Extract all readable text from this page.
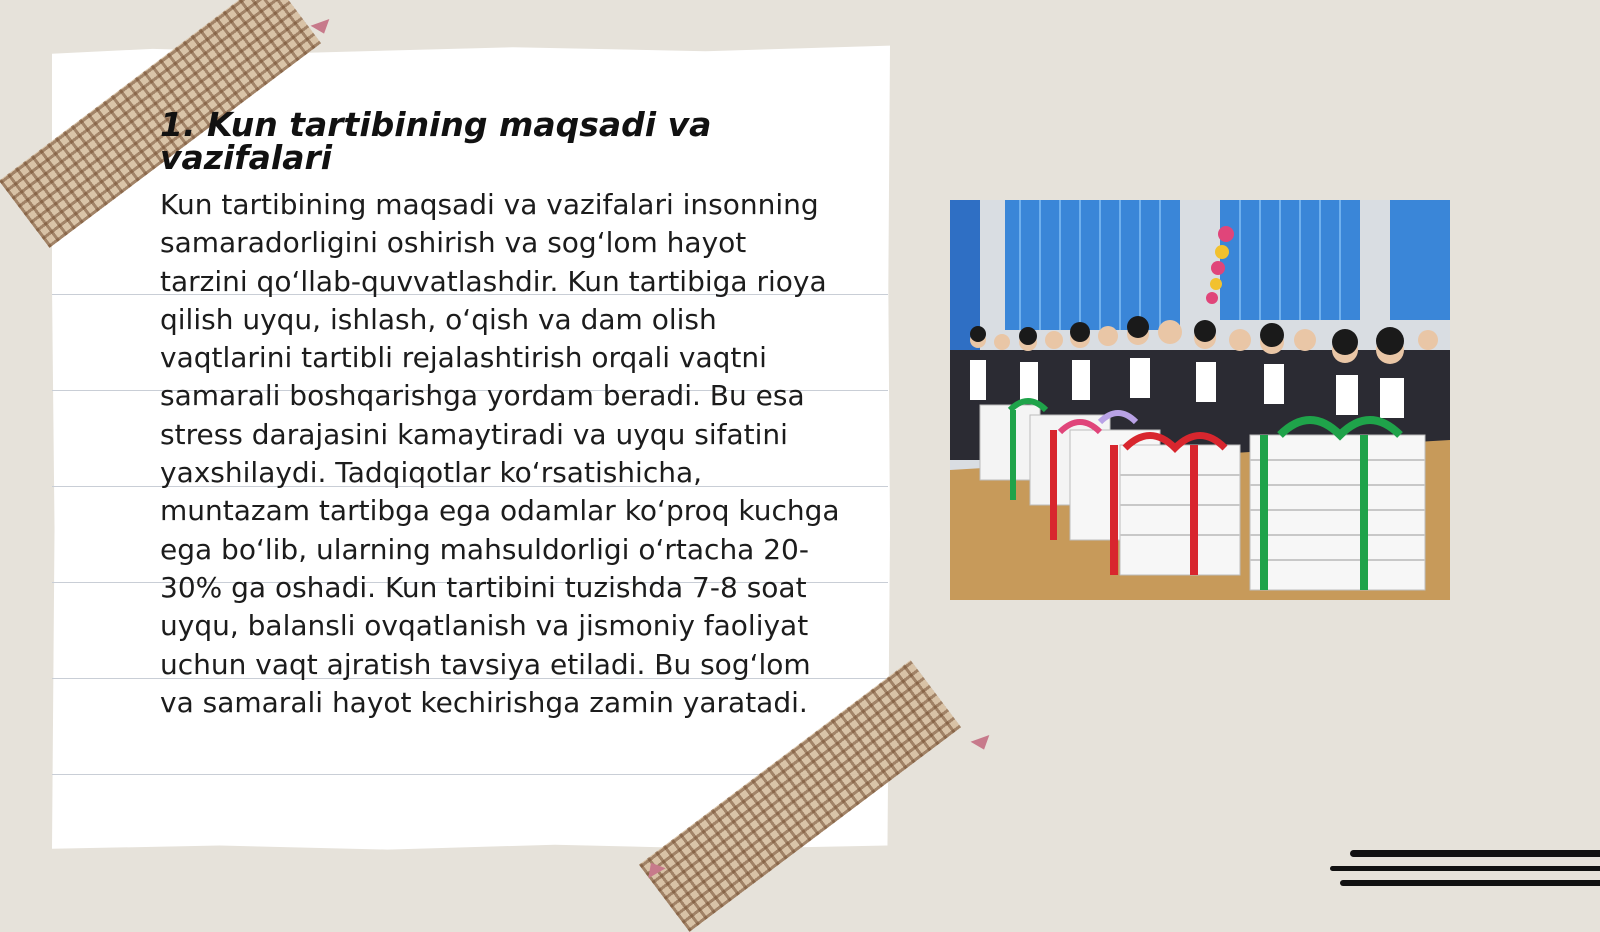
1. Kun tartibining maqsadi va vazifalari

Kun tartibining maqsadi va vazifalari insonning samaradorligini oshirish va sog‘lom hayot tarzini qo‘llab-quvvatlashdir. Kun tartibiga rioya qilish uyqu, ishlash, o‘qish va dam olish vaqtlarini tartibli rejalashtirish orqali vaqtni samarali boshqarishga yordam beradi. Bu esa stress darajasini kamaytiradi va uyqu sifatini yaxshilaydi. Tadqiqotlar ko‘rsatishicha, muntazam tartibga ega odamlar ko‘proq kuchga ega bo‘lib, ularning mahsuldorligi o‘rtacha 20-30% ga oshadi. Kun tartibini tuzishda 7-8 soat uyqu, balansli ovqatlanish va jismoniy faoliyat uchun vaqt ajratish tavsiya etiladi. Bu sog‘lom va samarali hayot kechirishga zamin yaratadi.
